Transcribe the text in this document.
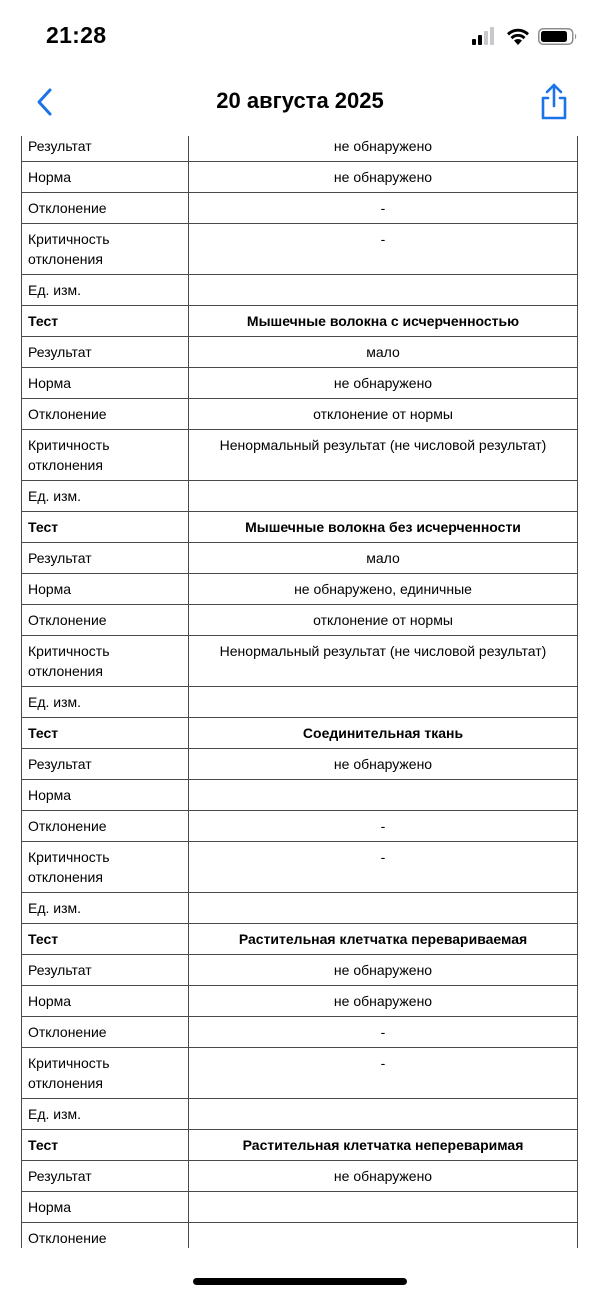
21:28
20 августа 2025
Результат	не обнаружено
Норма	не обнаружено
Отклонение	-
Критичность отклонения	-
Ед. изм.	
Тест	Мышечные волокна с исчерченностью
Результат	мало
Норма	не обнаружено
Отклонение	отклонение от нормы
Критичность отклонения	Ненормальный результат (не числовой результат)
Ед. изм.	
Тест	Мышечные волокна без исчерченности
Результат	мало
Норма	не обнаружено, единичные
Отклонение	отклонение от нормы
Критичность отклонения	Ненормальный результат (не числовой результат)
Ед. изм.	
Тест	Соединительная ткань
Результат	не обнаружено
Норма	
Отклонение	-
Критичность отклонения	-
Ед. изм.	
Тест	Растительная клетчатка перевариваемая
Результат	не обнаружено
Норма	не обнаружено
Отклонение	-
Критичность отклонения	-
Ед. изм.	
Тест	Растительная клетчатка непереваримая
Результат	не обнаружено
Норма	
Отклонение	
